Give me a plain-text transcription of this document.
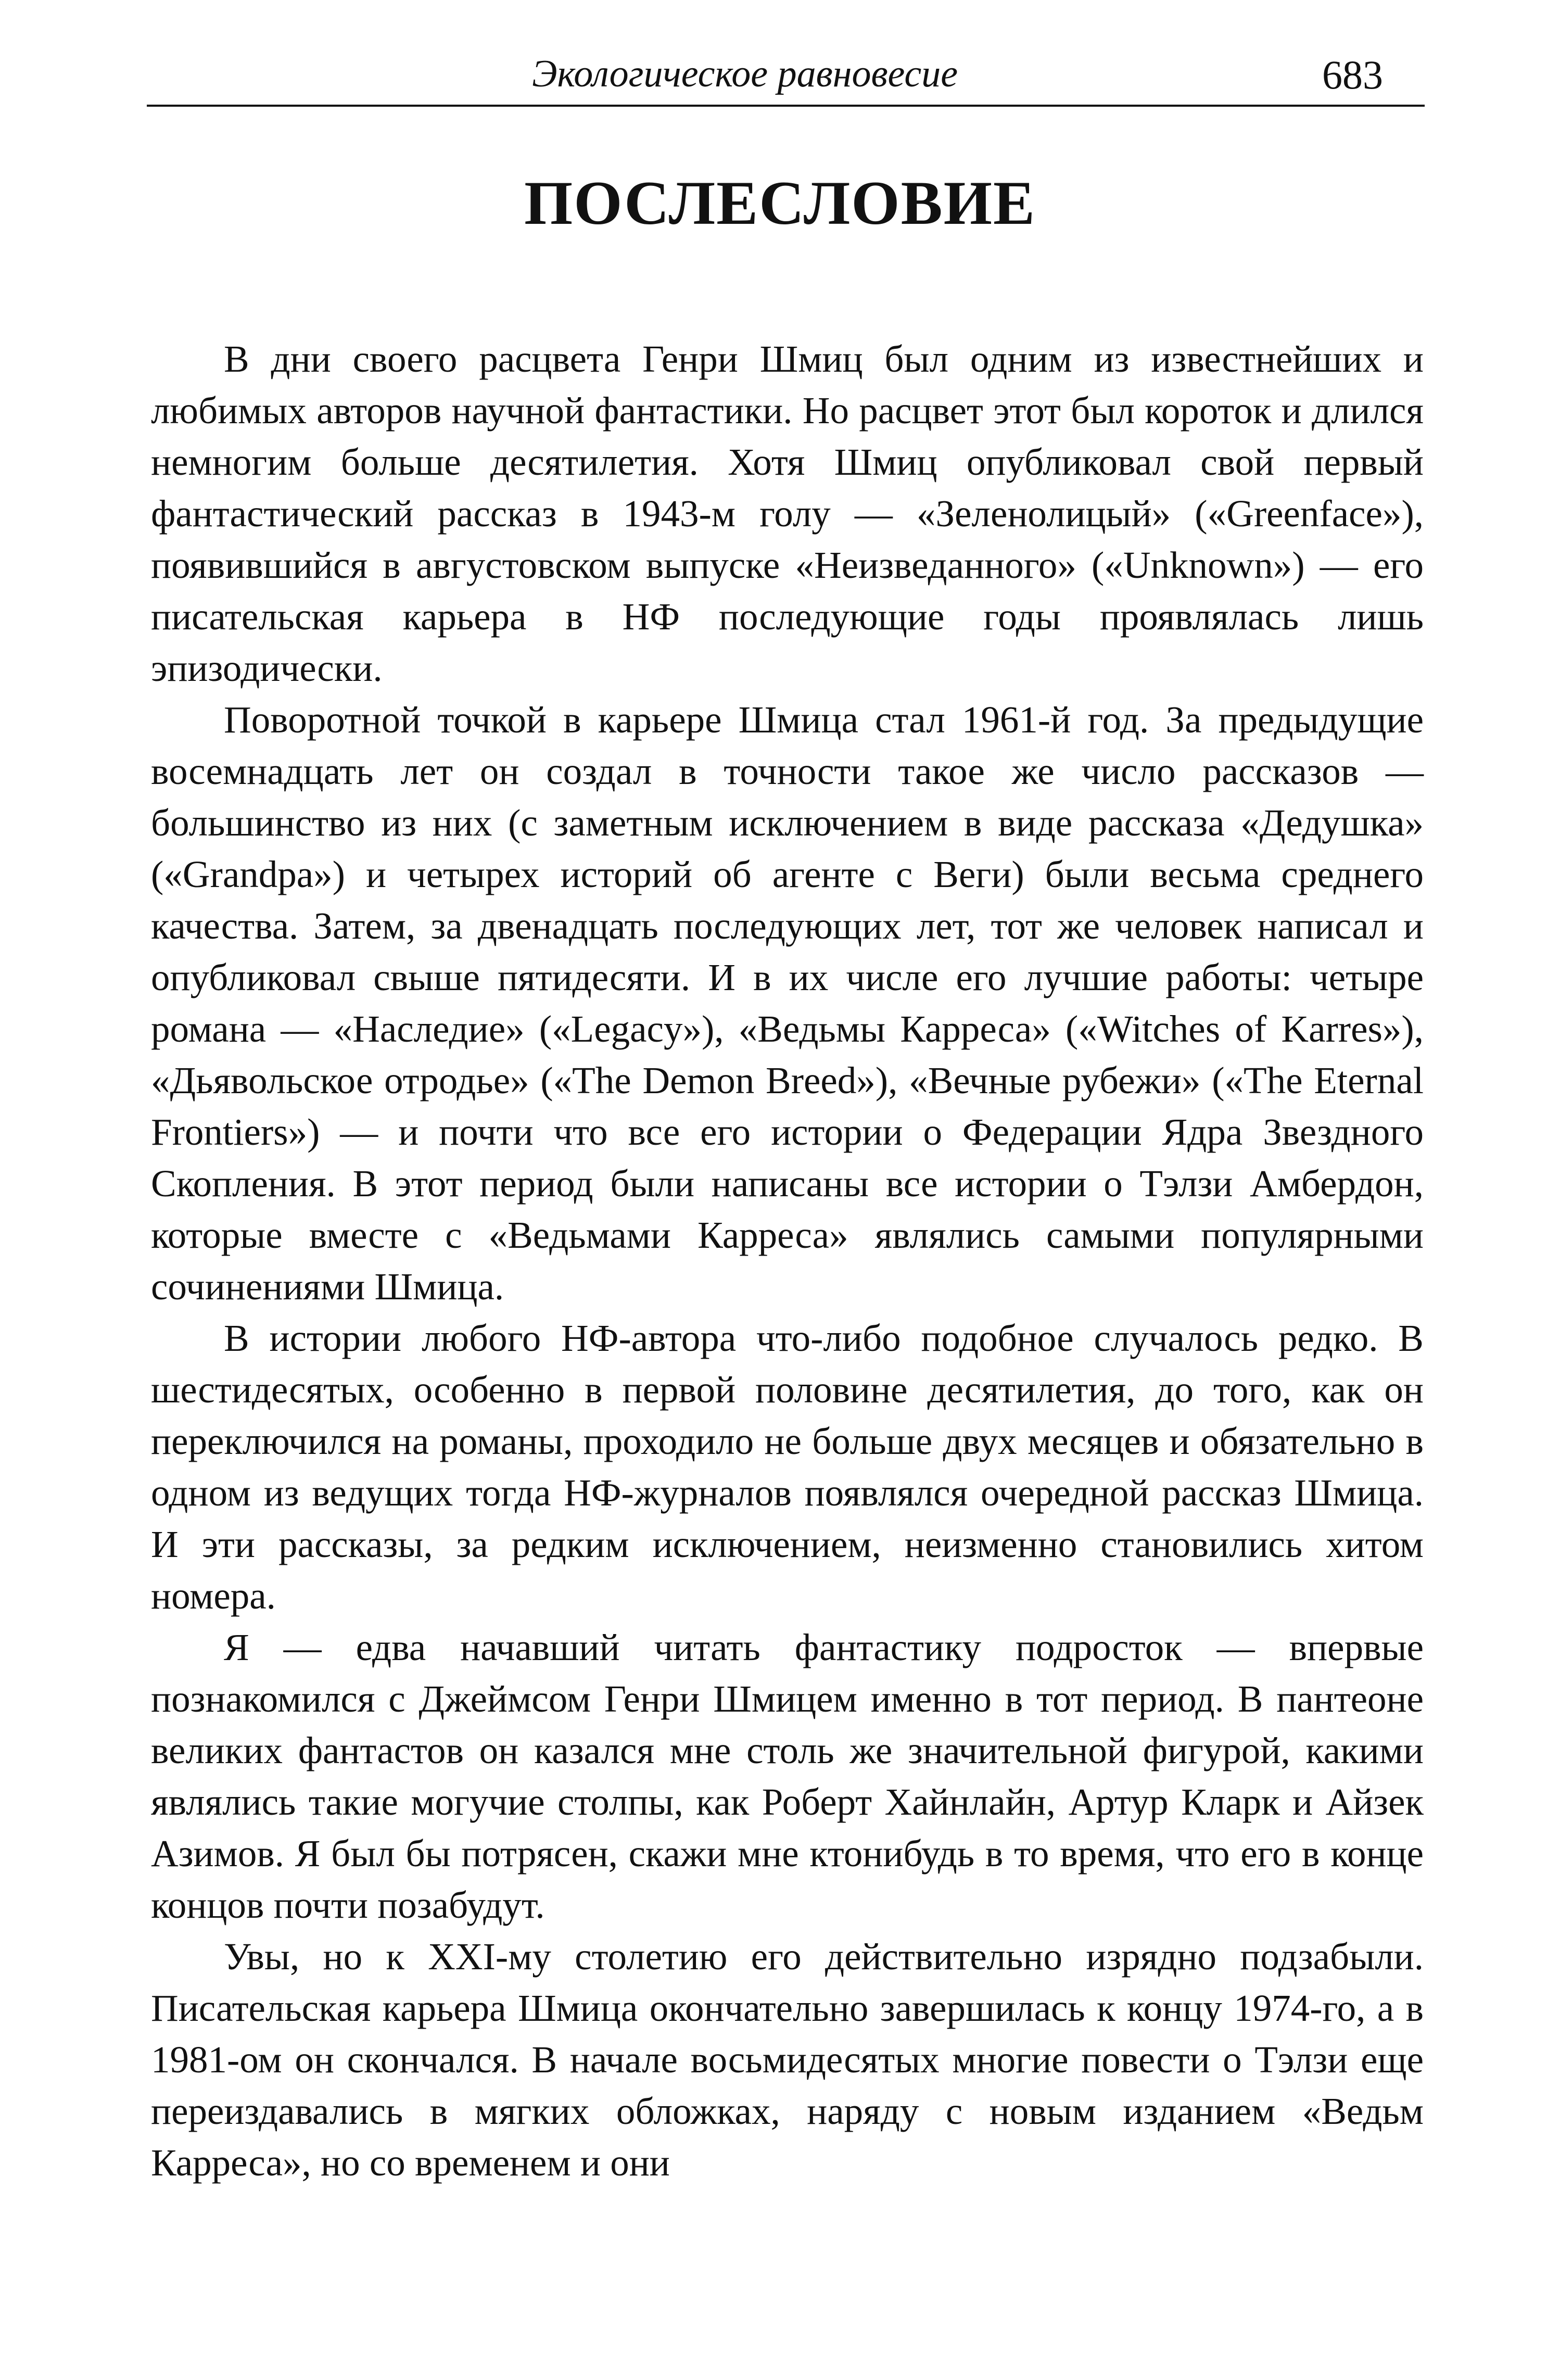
Экологическое равновесие	683
ПОСЛЕСЛОВИЕ

В дни своего расцвета Генри Шмиц был одним из известнейших и любимых авторов научной фантастики. Но расцвет этот был короток и длился немногим больше десятилетия. Хотя Шмиц опубликовал свой первый фантастический рассказ в 1943-м голу — «Зеленолицый» («Greenface»), появившийся в августовском выпуске «Неизведанного» («Unknown») — его писательская карьера в НФ последующие годы проявлялась лишь эпизодически.

Поворотной точкой в карьере Шмица стал 1961-й год. За предыдущие восемнадцать лет он создал в точности такое же число рассказов — большинство из них (с заметным исключением в виде рассказа «Дедушка» («Grandpa») и четырех историй об агенте с Веги) были весьма среднего качества. Затем, за двенадцать последующих лет, тот же человек написал и опубликовал свыше пятидесяти. И в их числе его лучшие работы: четыре романа — «Наследие» («Legacy»), «Ведьмы Карреса» («Witches of Karres»), «Дьявольское отродье» («The Demon Breed»), «Вечные рубежи» («The Eternal Frontiers») — и почти что все его истории о Федерации Ядра Звездного Скопления. В этот период были написаны все истории о Тэлзи Амбердон, которые вместе с «Ведьмами Карреса» являлись самыми популярными сочинениями Шмица.

В истории любого НФ-автора что-либо подобное случалось редко. В шестидесятых, особенно в первой половине десятилетия, до того, как он переключился на романы, проходило не больше двух месяцев и обязательно в одном из ведущих тогда НФ-журналов появлялся очередной рассказ Шмица. И эти рассказы, за редким исключением, неизменно становились хитом номера.

Я — едва начавший читать фантастику подросток — впервые познакомился с Джеймсом Генри Шмицем именно в тот период. В пантеоне великих фантастов он казался мне столь же значительной фигурой, какими являлись такие могучие столпы, как Роберт Хайнлайн, Артур Кларк и Айзек Азимов. Я был бы потрясен, скажи мне ктонибудь в то время, что его в конце концов почти позабудут.

Увы, но к XXI-му столетию его действительно изрядно подзабыли. Писательская карьера Шмица окончательно завершилась к концу 1974-го, а в 1981-ом он скончался. В начале восьмидесятых многие повести о Тэлзи еще переиздавались в мягких обложках, наряду с новым изданием «Ведьм Карреса», но со временем и они
